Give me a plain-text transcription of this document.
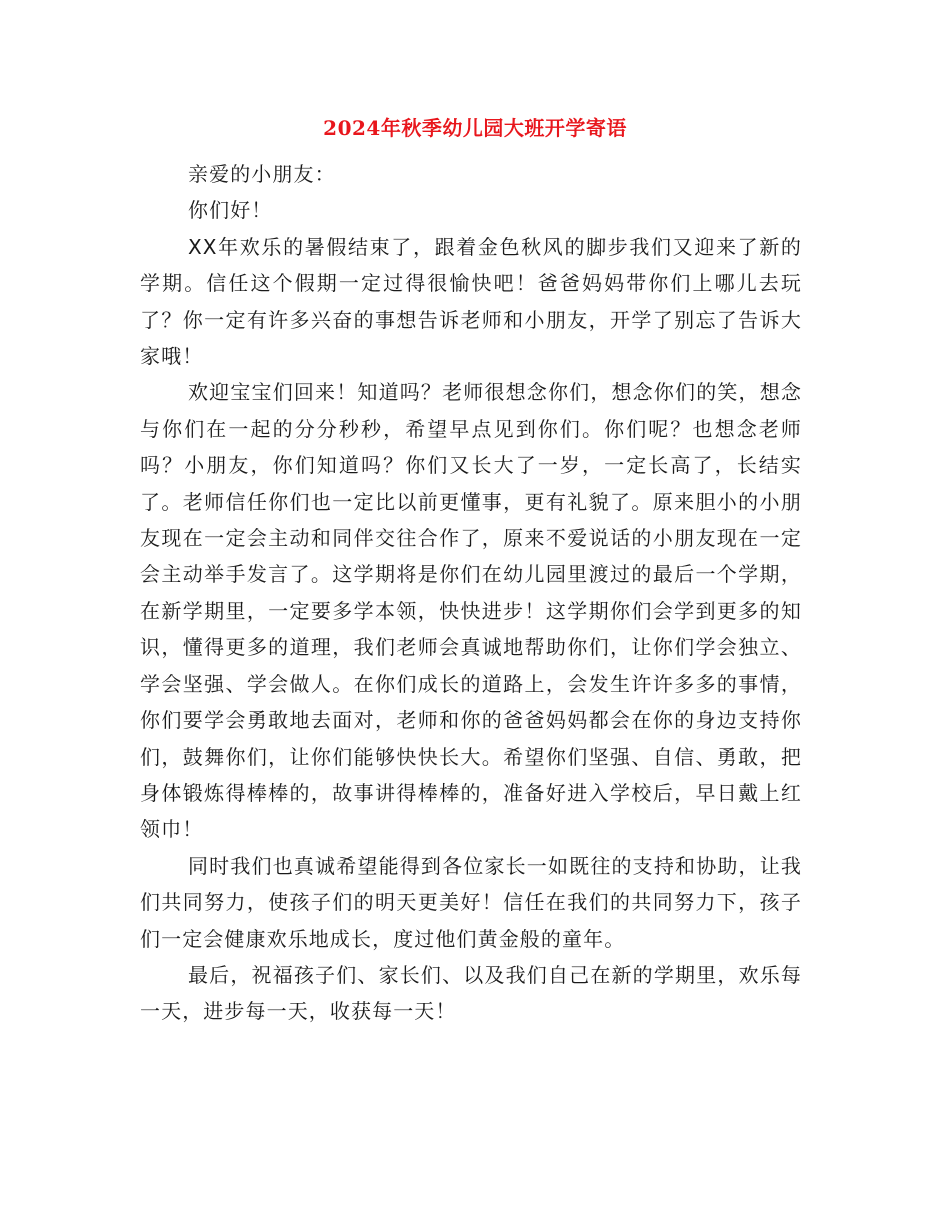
2024年秋季幼儿园大班开学寄语

亲爱的小朋友：

你们好！

XX年欢乐的暑假结束了，跟着金色秋风的脚步我们又迎来了新的学期。信任这个假期一定过得很愉快吧！爸爸妈妈带你们上哪儿去玩了？你一定有许多兴奋的事想告诉老师和小朋友，开学了别忘了告诉大家哦！

欢迎宝宝们回来！知道吗？老师很想念你们，想念你们的笑，想念与你们在一起的分分秒秒，希望早点见到你们。你们呢？也想念老师吗？小朋友，你们知道吗？你们又长大了一岁，一定长高了，长结实了。老师信任你们也一定比以前更懂事，更有礼貌了。原来胆小的小朋友现在一定会主动和同伴交往合作了，原来不爱说话的小朋友现在一定会主动举手发言了。这学期将是你们在幼儿园里渡过的最后一个学期，在新学期里，一定要多学本领，快快进步！这学期你们会学到更多的知识，懂得更多的道理，我们老师会真诚地帮助你们，让你们学会独立、学会坚强、学会做人。在你们成长的道路上，会发生许许多多的事情，你们要学会勇敢地去面对，老师和你的爸爸妈妈都会在你的身边支持你们，鼓舞你们，让你们能够快快长大。希望你们坚强、自信、勇敢，把身体锻炼得棒棒的，故事讲得棒棒的，准备好进入学校后，早日戴上红领巾！

同时我们也真诚希望能得到各位家长一如既往的支持和协助，让我们共同努力，使孩子们的明天更美好！信任在我们的共同努力下，孩子们一定会健康欢乐地成长，度过他们黄金般的童年。

最后，祝福孩子们、家长们、以及我们自己在新的学期里，欢乐每一天，进步每一天，收获每一天！
